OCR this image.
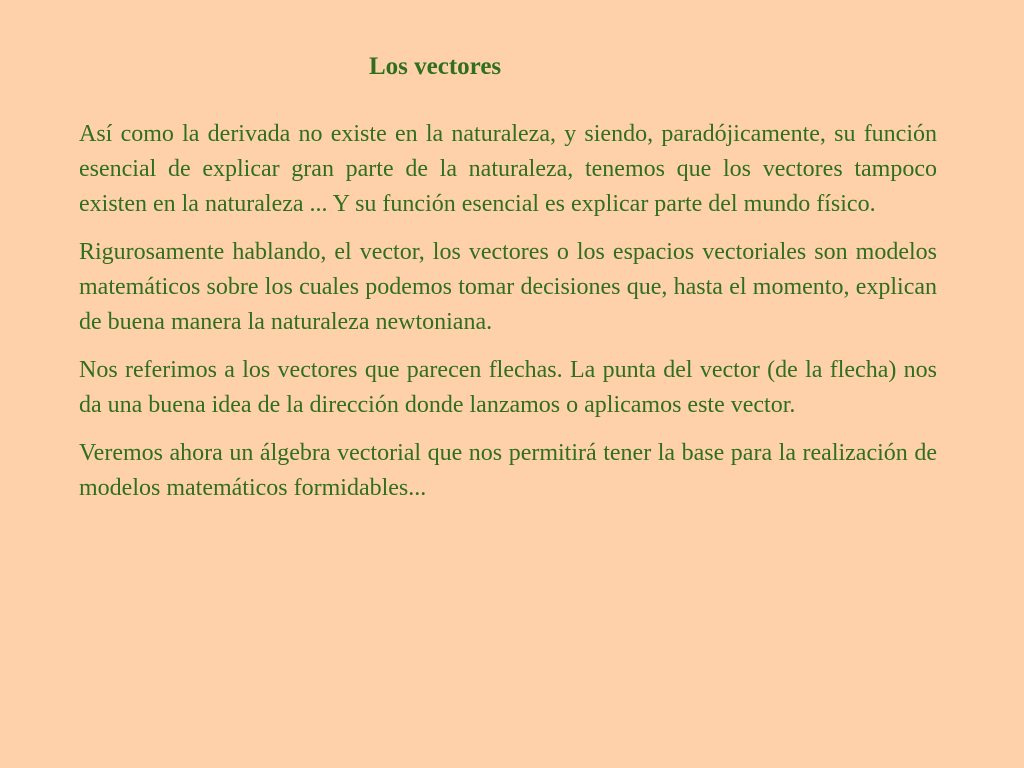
Los vectores

Así como la derivada no existe en la naturaleza, y siendo, paradójicamente, su función esencial de explicar gran parte de la naturaleza, tenemos que los vectores tampoco existen en la naturaleza ... Y su función esencial es explicar parte del mundo físico.

Rigurosamente hablando, el vector, los vectores o los espacios vectoriales son modelos matemáticos sobre los cuales podemos tomar decisiones que, hasta el momento, explican de buena manera la naturaleza newtoniana.

Nos referimos a los vectores que parecen flechas. La punta del vector (de la flecha) nos da una buena idea de la dirección donde lanzamos o aplicamos este vector.

Veremos ahora un álgebra vectorial que nos permitirá tener la base para la realización de modelos matemáticos formidables...
